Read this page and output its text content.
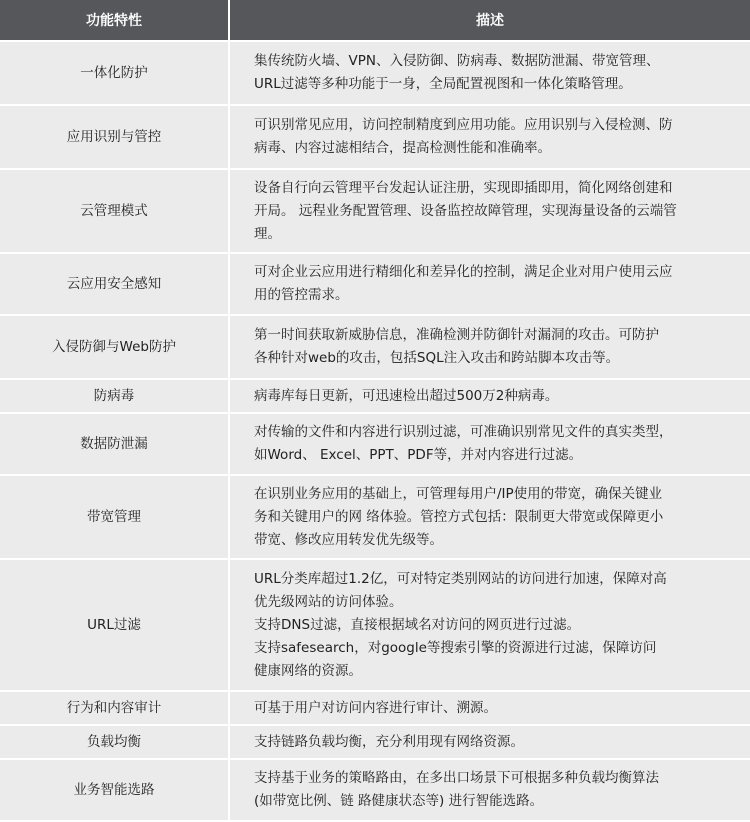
功能特性	描述
一体化防护	集传统防火墙、VPN、入侵防御、防病毒、数据防泄漏、带宽管理、
URL过滤等多种功能于一身，全局配置视图和一体化策略管理。

应用识别与管控	可识别常见应用，访问控制精度到应用功能。应用识别与入侵检测、防
病毒、内容过滤相结合，提高检测性能和准确率。

云管理模式	设备自行向云管理平台发起认证注册，实现即插即用，简化网络创建和
开局。 远程业务配置管理、设备监控故障管理，实现海量设备的云端管
理。

云应用安全感知	可对企业云应用进行精细化和差异化的控制，满足企业对用户使用云应
用的管控需求。

入侵防御与Web防护	第一时间获取新威胁信息，准确检测并防御针对漏洞的攻击。可防护
各种针对web的攻击，包括SQL注入攻击和跨站脚本攻击等。

防病毒	病毒库每日更新，可迅速检出超过500万2种病毒。

数据防泄漏	对传输的文件和内容进行识别过滤，可准确识别常见文件的真实类型，
如Word、 Excel、PPT、PDF等，并对内容进行过滤。

带宽管理	在识别业务应用的基础上，可管理每用户/IP使用的带宽，确保关键业
务和关键用户的网 络体验。管控方式包括：限制更大带宽或保障更小
带宽、修改应用转发优先级等。

URL过滤	URL分类库超过1.2亿，可对特定类别网站的访问进行加速，保障对高
优先级网站的访问体验。
支持DNS过滤，直接根据域名对访问的网页进行过滤。
支持safesearch，对google等搜索引擎的资源进行过滤，保障访问
健康网络的资源。

行为和内容审计	可基于用户对访问内容进行审计、溯源。

负载均衡	支持链路负载均衡，充分利用现有网络资源。

业务智能选路	支持基于业务的策略路由，在多出口场景下可根据多种负载均衡算法
(如带宽比例、链 路健康状态等) 进行智能选路。
